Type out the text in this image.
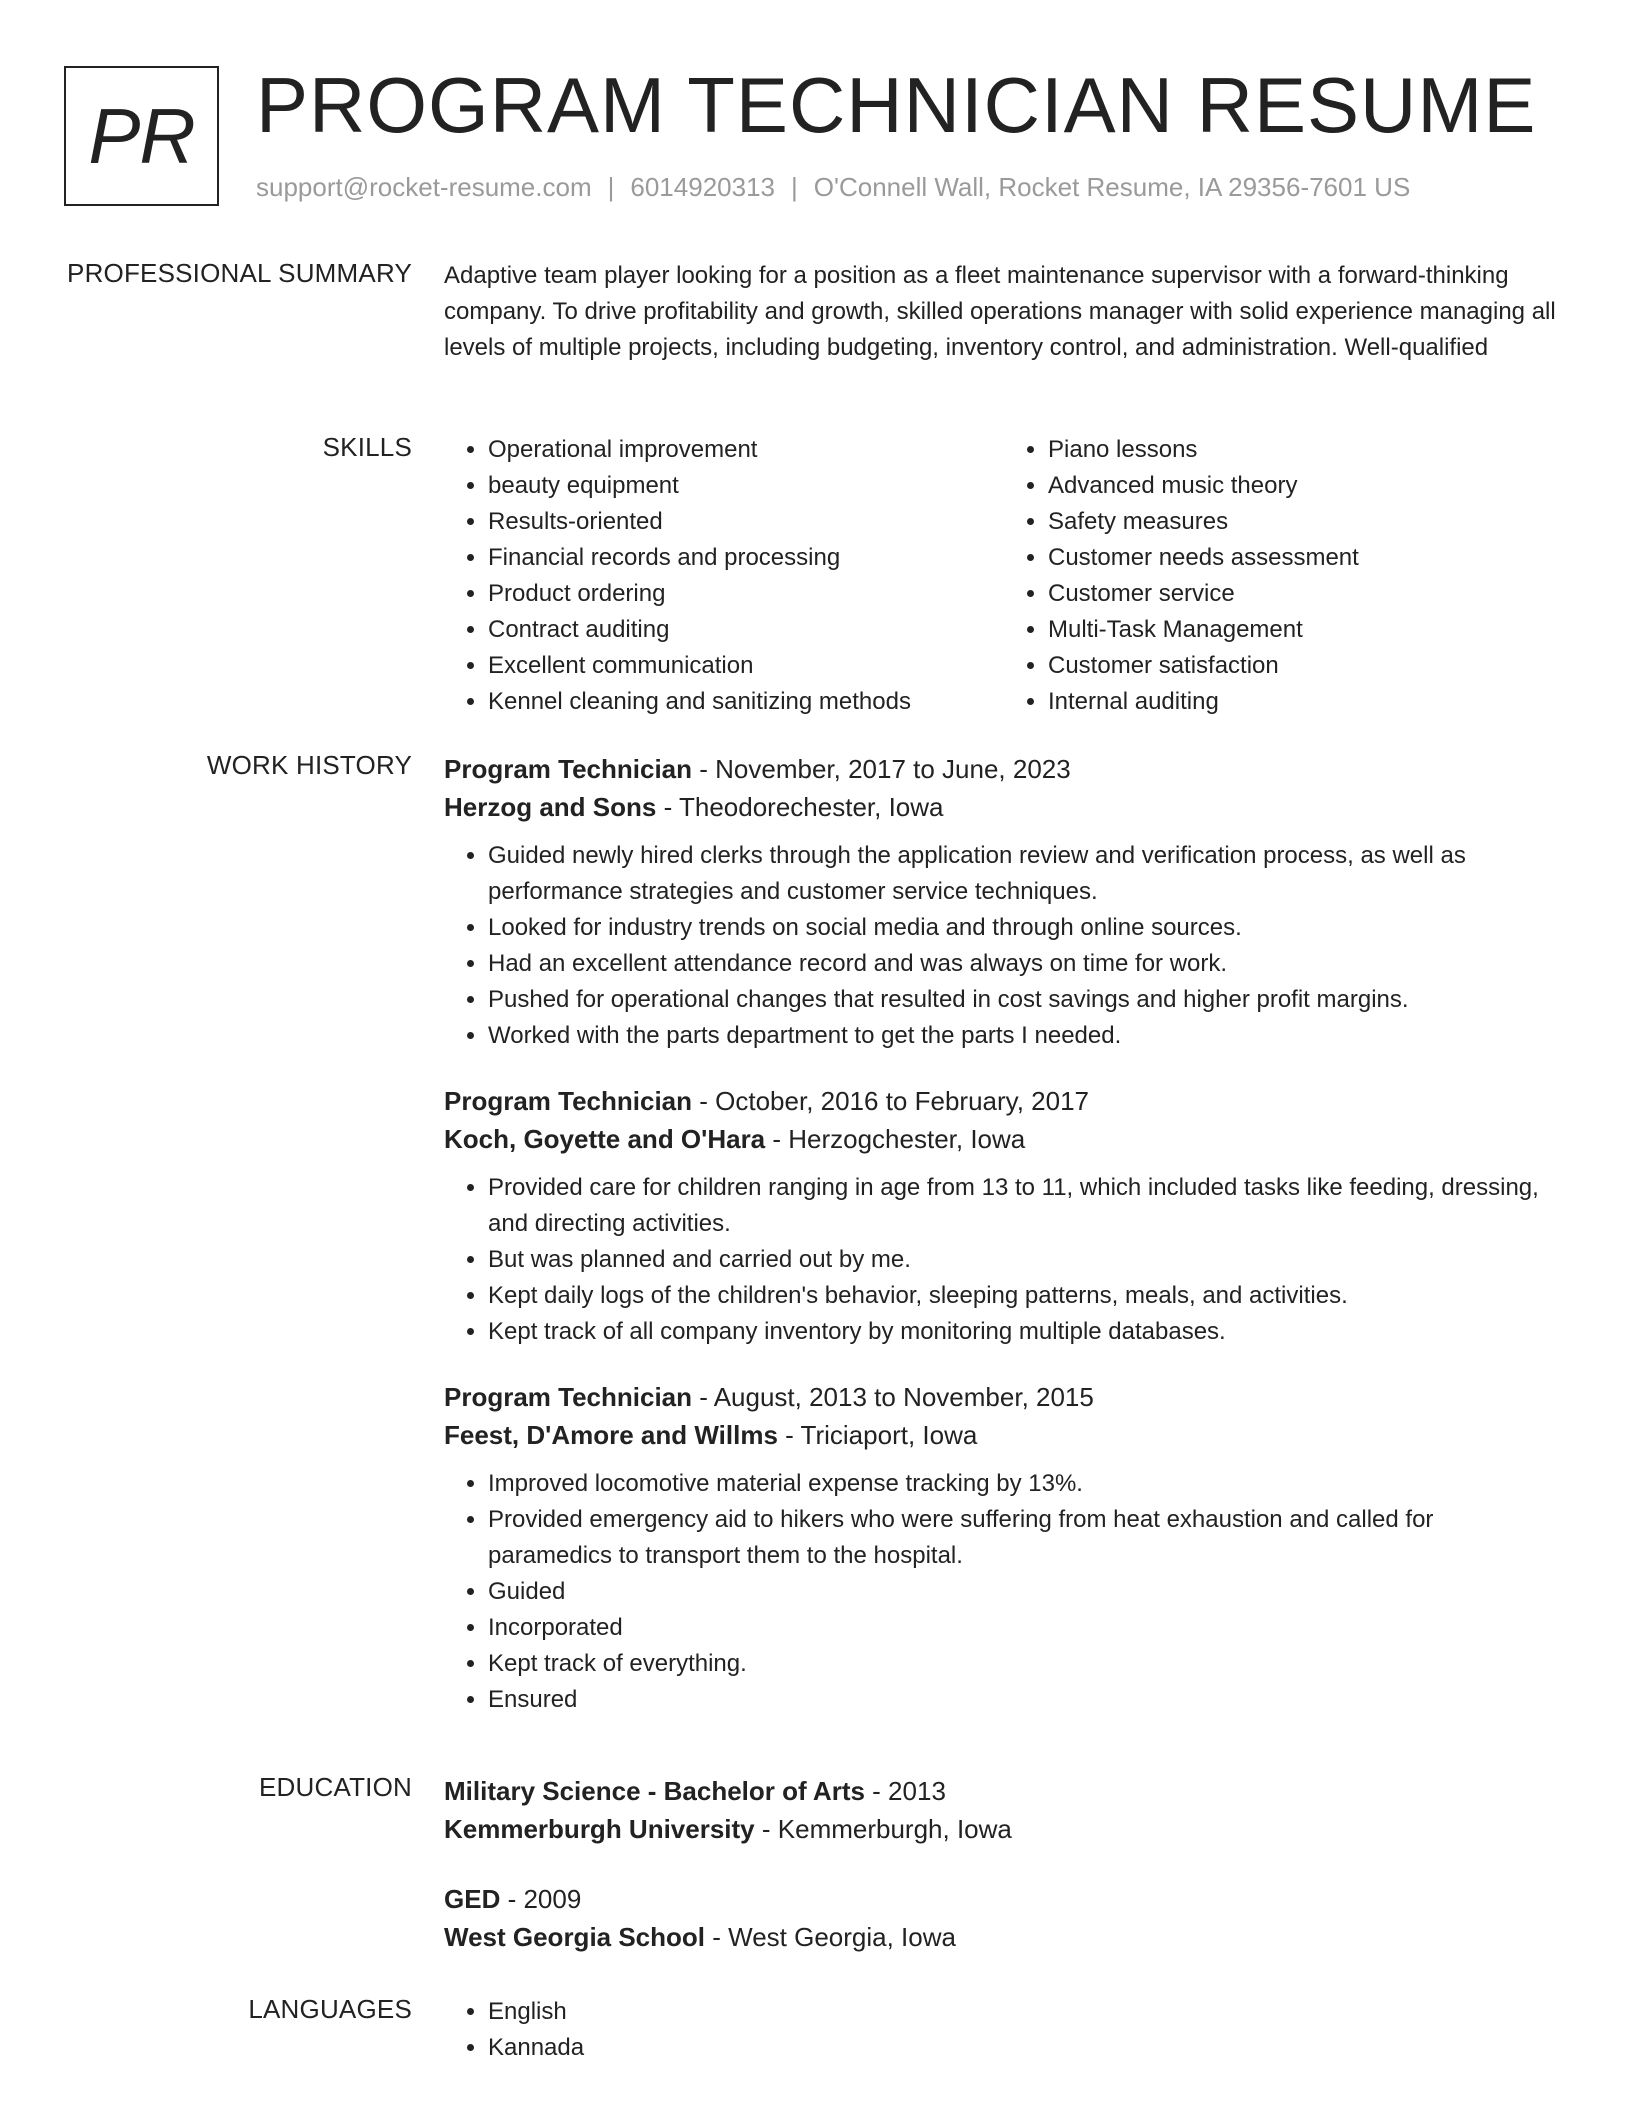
PR PROGRAM TECHNICIAN RESUME
support@rocket-resume.com | 6014920313 | O'Connell Wall, Rocket Resume, IA 29356-7601 US
PROFESSIONAL SUMMARY Adaptive team player looking for a position as a fleet maintenance supervisor with a forward-thinking company. To drive profitability and growth, skilled operations manager with solid experience managing all levels of multiple projects, including budgeting, inventory control, and administration. Well-qualified

SKILLS	• Operational improvement
• beauty equipment
• Results-oriented
• Financial records and processing
• Product ordering
• Contract auditing
• Excellent communication
• Kennel cleaning and sanitizing methods
• Piano lessons
• Advanced music theory
• Safety measures
• Customer needs assessment
• Customer service
• Multi-Task Management
• Customer satisfaction
• Internal auditing
WORK HISTORY Program Technician - November, 2017 to June, 2023
Herzog and Sons - Theodorechester, Iowa
• Guided newly hired clerks through the application review and verification process, as well as performance strategies and customer service techniques.
• Looked for industry trends on social media and through online sources.
• Had an excellent attendance record and was always on time for work.
• Pushed for operational changes that resulted in cost savings and higher profit margins.
• Worked with the parts department to get the parts I needed.
Program Technician - October, 2016 to February, 2017
Koch, Goyette and O'Hara - Herzogchester, Iowa
• Provided care for children ranging in age from 13 to 11, which included tasks like feeding, dressing, and directing activities.
• But was planned and carried out by me.
• Kept daily logs of the children's behavior, sleeping patterns, meals, and activities.
• Kept track of all company inventory by monitoring multiple databases.
Program Technician - August, 2013 to November, 2015
Feest, D'Amore and Willms - Triciaport, Iowa
• Improved locomotive material expense tracking by 13%.
• Provided emergency aid to hikers who were suffering from heat exhaustion and called for paramedics to transport them to the hospital.
• Guided
• Incorporated
• Kept track of everything.
• Ensured
EDUCATION Military Science - Bachelor of Arts - 2013
Kemmerburgh University - Kemmerburgh, Iowa
GED - 2009
West Georgia School - West Georgia, Iowa
LANGUAGES	• English
• Kannada
